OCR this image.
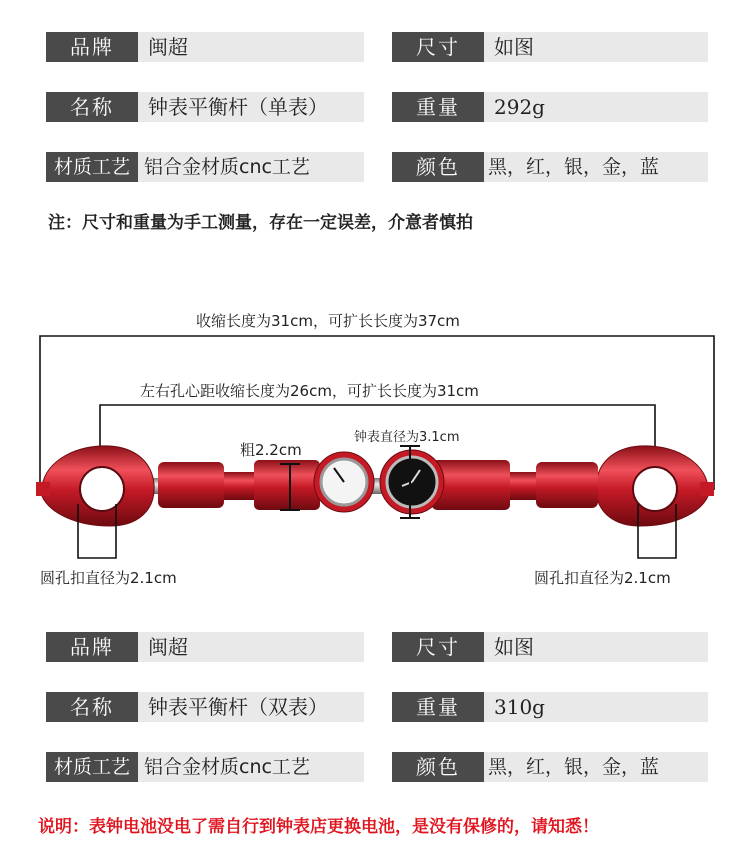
品牌	闽超	尺寸	如图
名称	钟表平衡杆（单表）	重量	292g
材质工艺 铝合金材质cnc工艺	颜色	黑，红，银，金，蓝
注：尺寸和重量为手工测量，存在一定误差，介意者慎拍
收缩长度为31cm，可扩长长度为37cm
左右孔心距收缩长度为26cm，可扩长长度为31cm
粗2.2cm
钟表直径为3.1cm
圆孔扣直径为2.1cm	圆孔扣直径为2.1cm
品牌	闽超	尺寸	如图
名称	钟表平衡杆（双表）	重量	310g
材质工艺 铝合金材质cnc工艺	颜色	黑，红，银，金，蓝
说明：表钟电池没电了需自行到钟表店更换电池，是没有保修的，请知悉！
